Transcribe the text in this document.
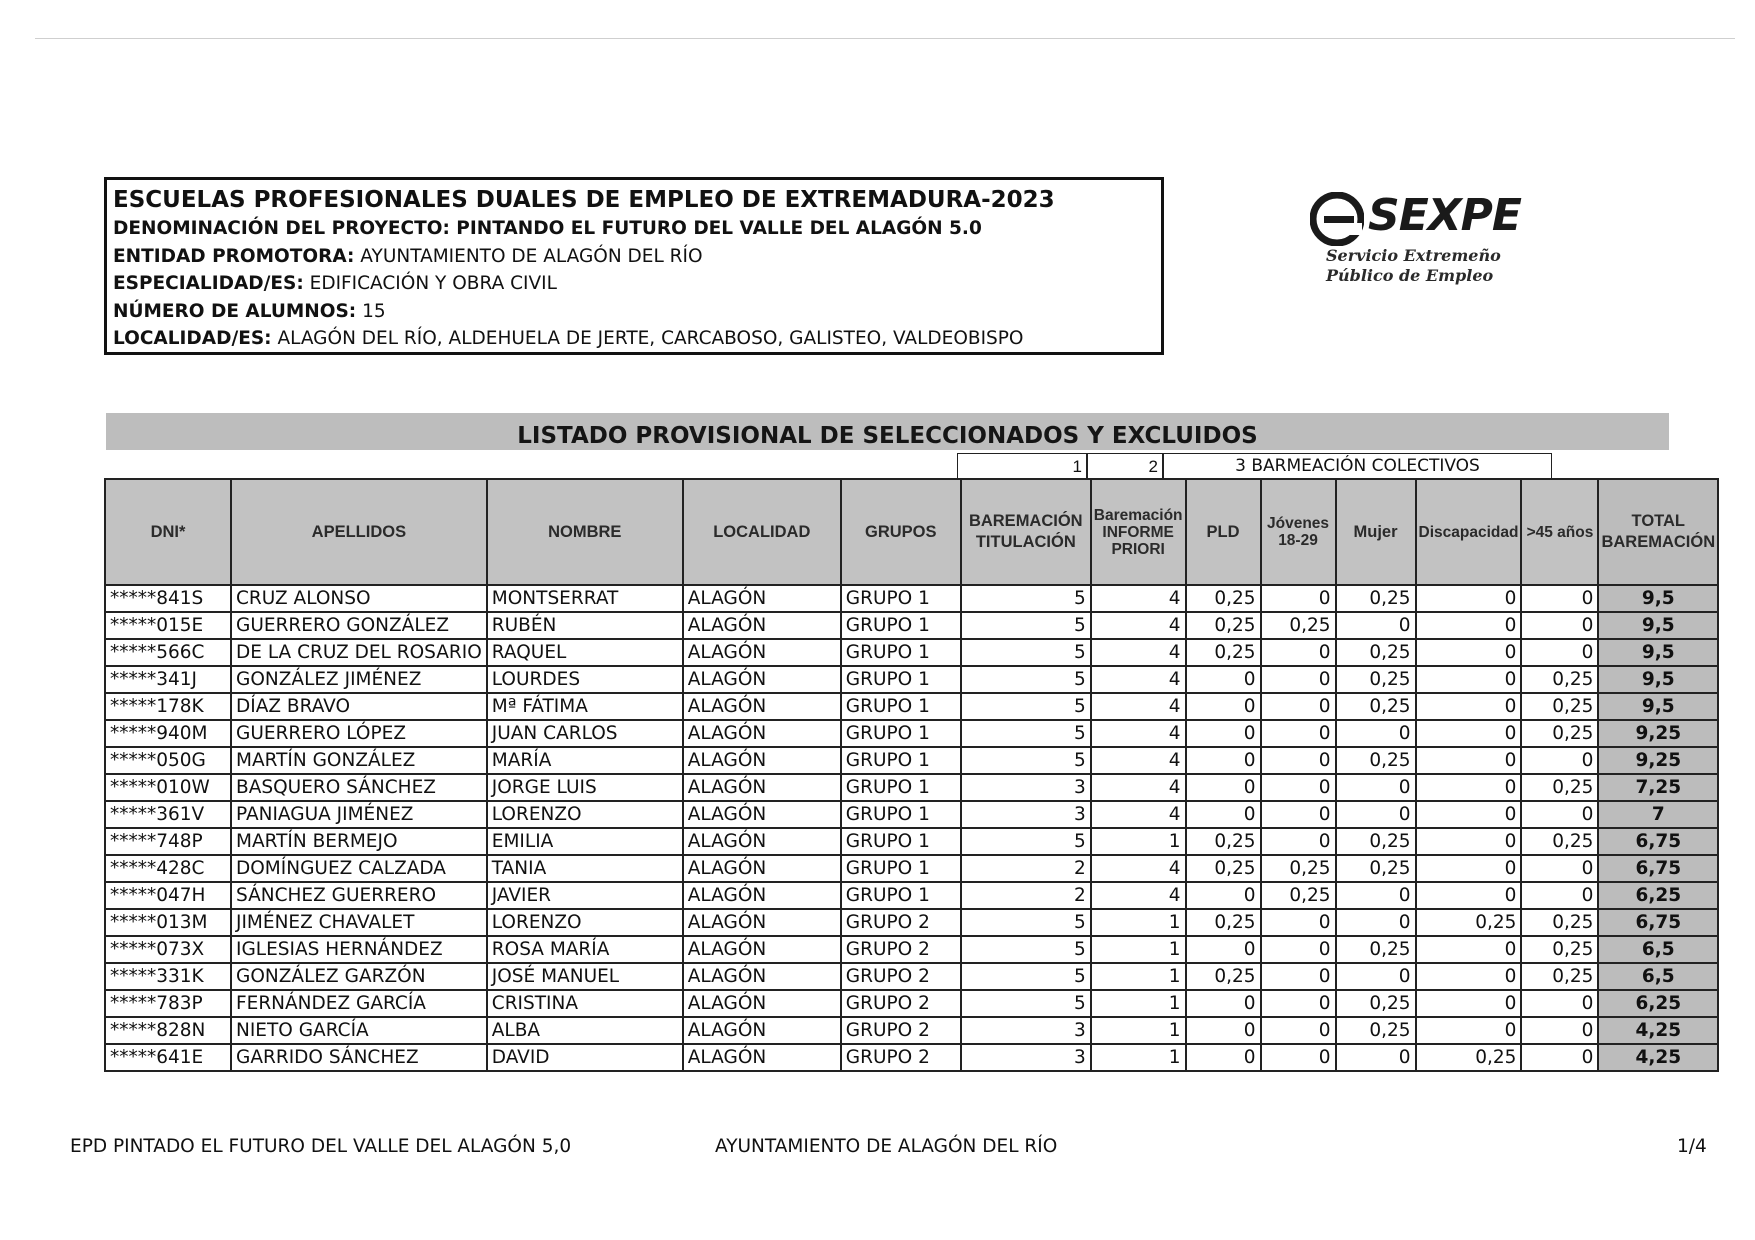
ESCUELAS PROFESIONALES DUALES DE EMPLEO DE EXTREMADURA-2023
DENOMINACIÓN DEL PROYECTO: PINTANDO EL FUTURO DEL VALLE DEL ALAGÓN 5.0
ENTIDAD PROMOTORA: AYUNTAMIENTO DE ALAGÓN DEL RÍO
ESPECIALIDAD/ES: EDIFICACIÓN Y OBRA CIVIL
NÚMERO DE ALUMNOS: 15
LOCALIDAD/ES: ALAGÓN DEL RÍO, ALDEHUELA DE JERTE, CARCABOSO, GALISTEO, VALDEOBISPO
SEXPE
Servicio Extremeño
Público de Empleo
LISTADO PROVISIONAL DE SELECCIONADOS Y EXCLUIDOS
1	2	3 BARMEACIÓN COLECTIVOS
DNI*	APELLIDOS	NOMBRE	LOCALIDAD	GRUPOS	BAREMACIÓN TITULACIÓN	Baremación INFORME PRIORI	PLD	Jóvenes 18-29	Mujer	Discapacidad	>45 años	TOTAL BAREMACIÓN
*****841S	CRUZ ALONSO	MONTSERRAT	ALAGÓN	GRUPO 1	5	4	0,25	0	0,25	0	0	9,5
*****015E	GUERRERO GONZÁLEZ	RUBÉN	ALAGÓN	GRUPO 1	5	4	0,25	0,25	0	0	0	9,5
*****566C	DE LA CRUZ DEL ROSARIO	RAQUEL	ALAGÓN	GRUPO 1	5	4	0,25	0	0,25	0	0	9,5
*****341J	GONZÁLEZ JIMÉNEZ	LOURDES	ALAGÓN	GRUPO 1	5	4	0	0	0,25	0	0,25	9,5
*****178K	DÍAZ BRAVO	Mª FÁTIMA	ALAGÓN	GRUPO 1	5	4	0	0	0,25	0	0,25	9,5
*****940M	GUERRERO LÓPEZ	JUAN CARLOS	ALAGÓN	GRUPO 1	5	4	0	0	0	0	0,25	9,25
*****050G	MARTÍN GONZÁLEZ	MARÍA	ALAGÓN	GRUPO 1	5	4	0	0	0,25	0	0	9,25
*****010W	BASQUERO SÁNCHEZ	JORGE LUIS	ALAGÓN	GRUPO 1	3	4	0	0	0	0	0,25	7,25
*****361V	PANIAGUA JIMÉNEZ	LORENZO	ALAGÓN	GRUPO 1	3	4	0	0	0	0	0	7
*****748P	MARTÍN BERMEJO	EMILIA	ALAGÓN	GRUPO 1	5	1	0,25	0	0,25	0	0,25	6,75
*****428C	DOMÍNGUEZ CALZADA	TANIA	ALAGÓN	GRUPO 1	2	4	0,25	0,25	0,25	0	0	6,75
*****047H	SÁNCHEZ GUERRERO	JAVIER	ALAGÓN	GRUPO 1	2	4	0	0,25	0	0	0	6,25
*****013M	JIMÉNEZ CHAVALET	LORENZO	ALAGÓN	GRUPO 2	5	1	0,25	0	0	0,25	0,25	6,75
*****073X	IGLESIAS HERNÁNDEZ	ROSA MARÍA	ALAGÓN	GRUPO 2	5	1	0	0	0,25	0	0,25	6,5
*****331K	GONZÁLEZ GARZÓN	JOSÉ MANUEL	ALAGÓN	GRUPO 2	5	1	0,25	0	0	0	0,25	6,5
*****783P	FERNÁNDEZ GARCÍA	CRISTINA	ALAGÓN	GRUPO 2	5	1	0	0	0,25	0	0	6,25
*****828N	NIETO GARCÍA	ALBA	ALAGÓN	GRUPO 2	3	1	0	0	0,25	0	0	4,25
*****641E	GARRIDO SÁNCHEZ	DAVID	ALAGÓN	GRUPO 2	3	1	0	0	0	0,25	0	4,25
EPD PINTADO EL FUTURO DEL VALLE DEL ALAGÓN 5,0	AYUNTAMIENTO DE ALAGÓN DEL RÍO	1/4
